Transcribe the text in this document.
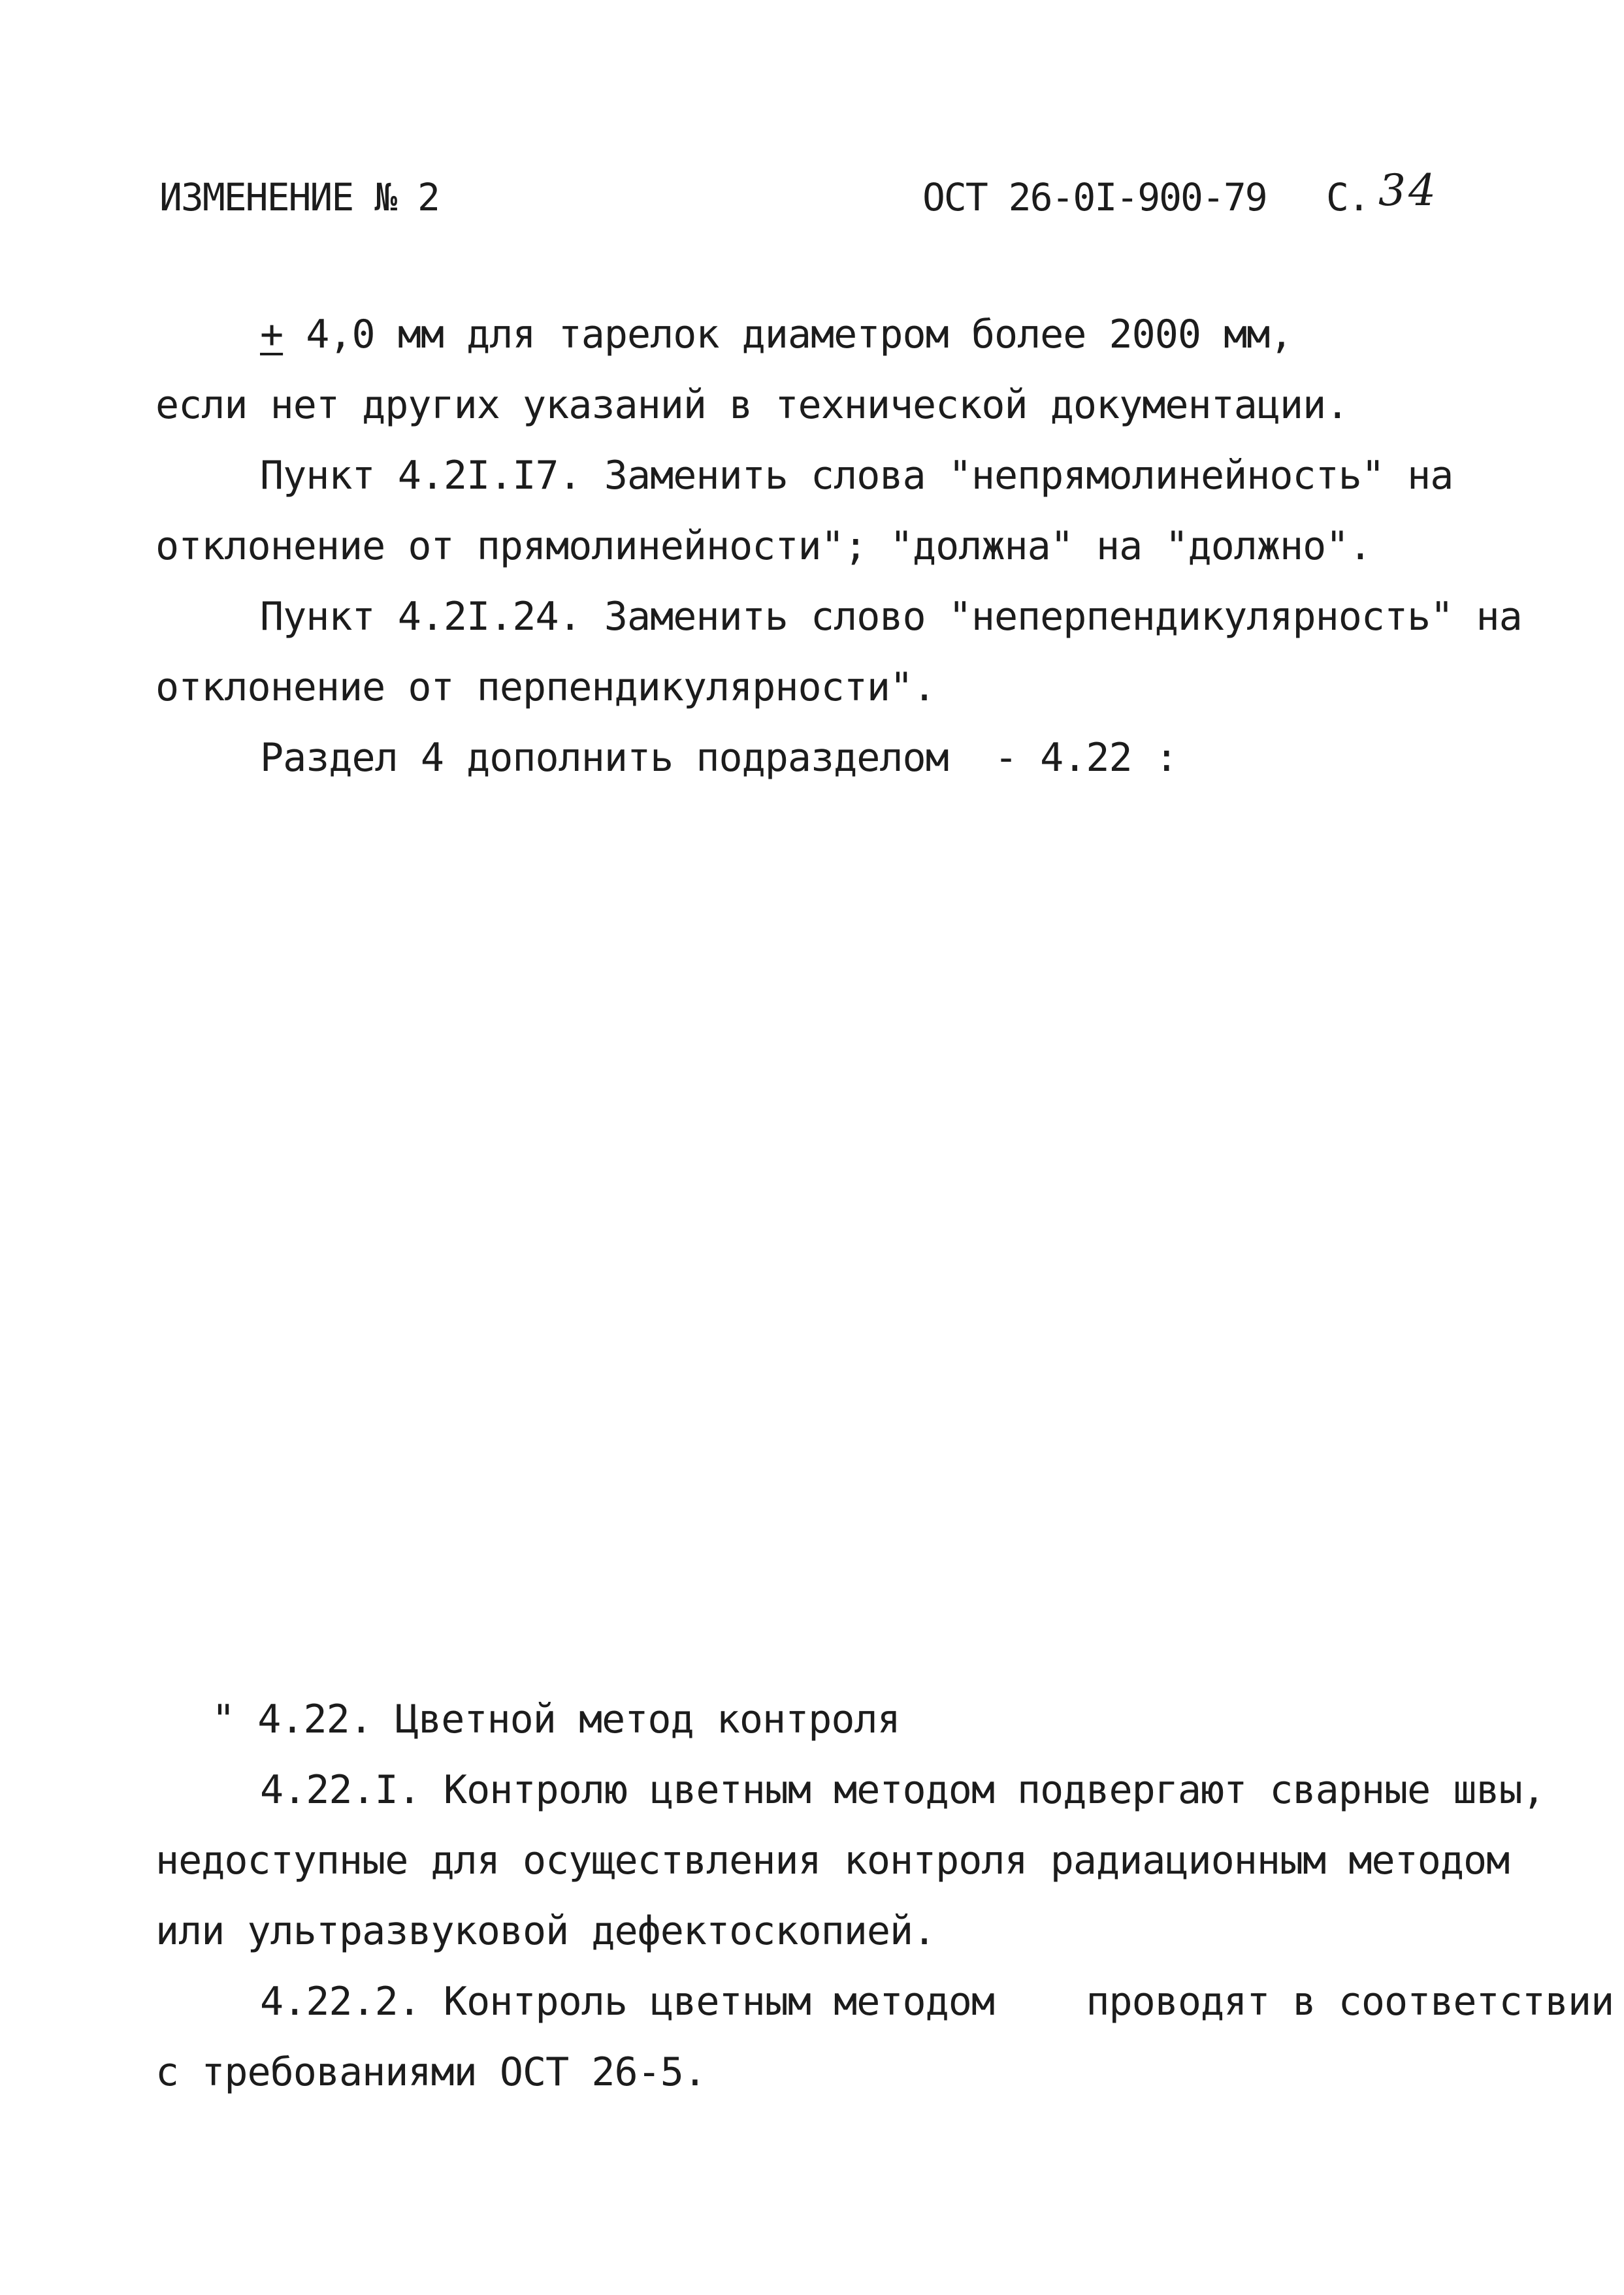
ИЗМЕНЕНИЕ № 2	ОСТ 26-0I-900-79 С. 34
+ 4,0 мм для тарелок диаметром более 2000 мм,
если нет других указаний в технической документации.
Пункт 4.2I.I7. Заменить слова "непрямолинейность" на
отклонение от прямолинейности"; "должна" на "должно".
Пункт 4.2I.24. Заменить слово "неперпендикулярность" на
отклонение от перпендикулярности".
Раздел 4 дополнить подразделом  - 4.22 :
" 4.22. Цветной метод контроля
4.22.I. Контролю цветным методом подвергают сварные швы,
недоступные для осуществления контроля радиационным методом
или ультразвуковой дефектоскопией.
4.22.2. Контроль цветным методом    проводят в соответствии
с требованиями ОСТ 26-5.
